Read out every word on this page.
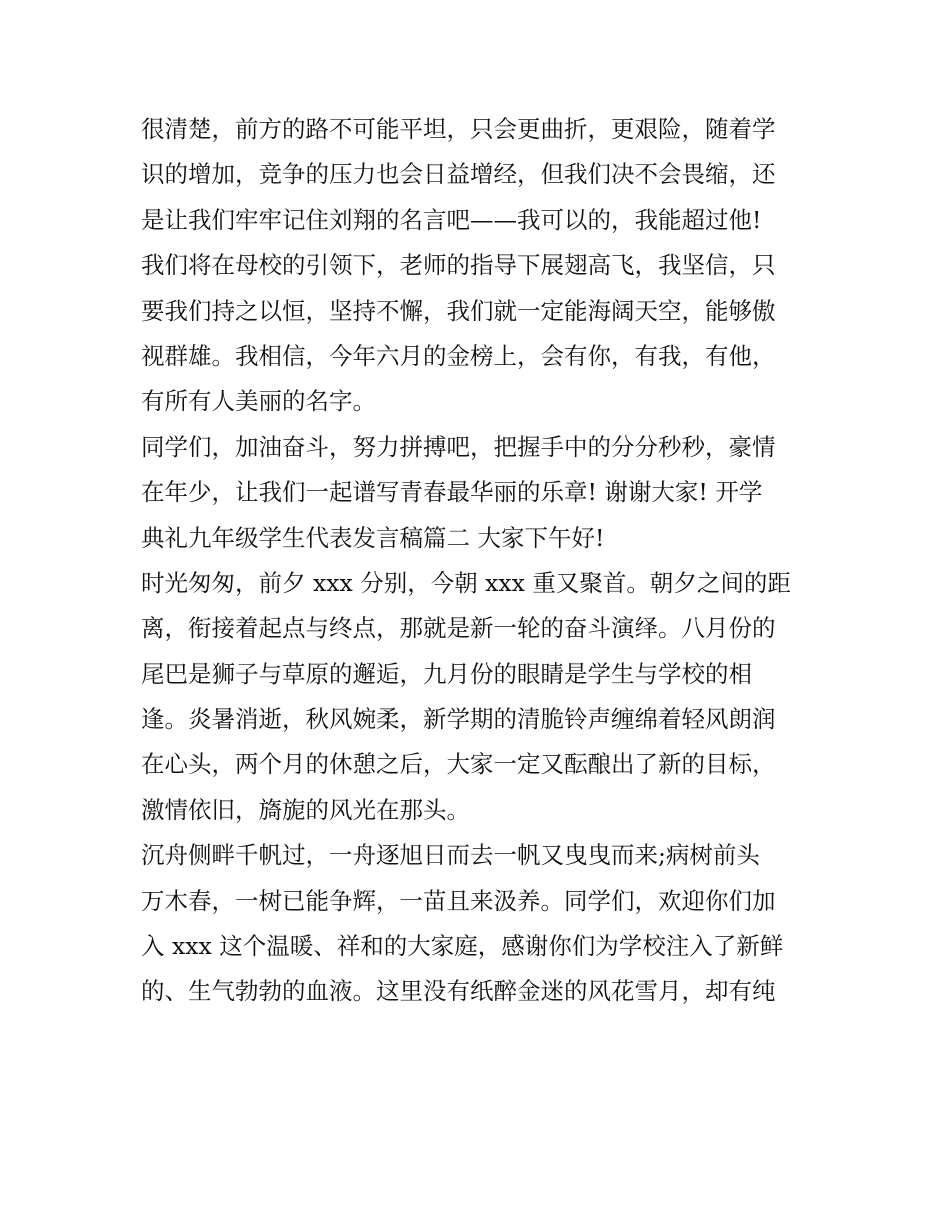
很清楚，前方的路不可能平坦，只会更曲折，更艰险，随着学
识的增加，竞争的压力也会日益增经，但我们决不会畏缩，还
是让我们牢牢记住刘翔的名言吧——我可以的，我能超过他!
我们将在母校的引领下，老师的指导下展翅高飞，我坚信，只
要我们持之以恒，坚持不懈，我们就一定能海阔天空，能够傲
视群雄。我相信，今年六月的金榜上，会有你，有我，有他，
有所有人美丽的名字。
同学们，加油奋斗，努力拼搏吧，把握手中的分分秒秒，豪情
在年少，让我们一起谱写青春最华丽的乐章! 谢谢大家! 开学
典礼九年级学生代表发言稿篇二 大家下午好!
时光匆匆，前夕 xxx 分别，今朝 xxx 重又聚首。朝夕之间的距
离，衔接着起点与终点，那就是新一轮的奋斗演绎。八月份的
尾巴是狮子与草原的邂逅，九月份的眼睛是学生与学校的相
逢。炎暑消逝，秋风婉柔，新学期的清脆铃声缠绵着轻风朗润
在心头，两个月的休憩之后，大家一定又酝酿出了新的目标，
激情依旧，旖旎的风光在那头。
沉舟侧畔千帆过，一舟逐旭日而去一帆又曳曳而来;病树前头
万木春，一树已能争辉，一苗且来汲养。同学们，欢迎你们加
入 xxx 这个温暖、祥和的大家庭，感谢你们为学校注入了新鲜
的、生气勃勃的血液。这里没有纸醉金迷的风花雪月，却有纯
